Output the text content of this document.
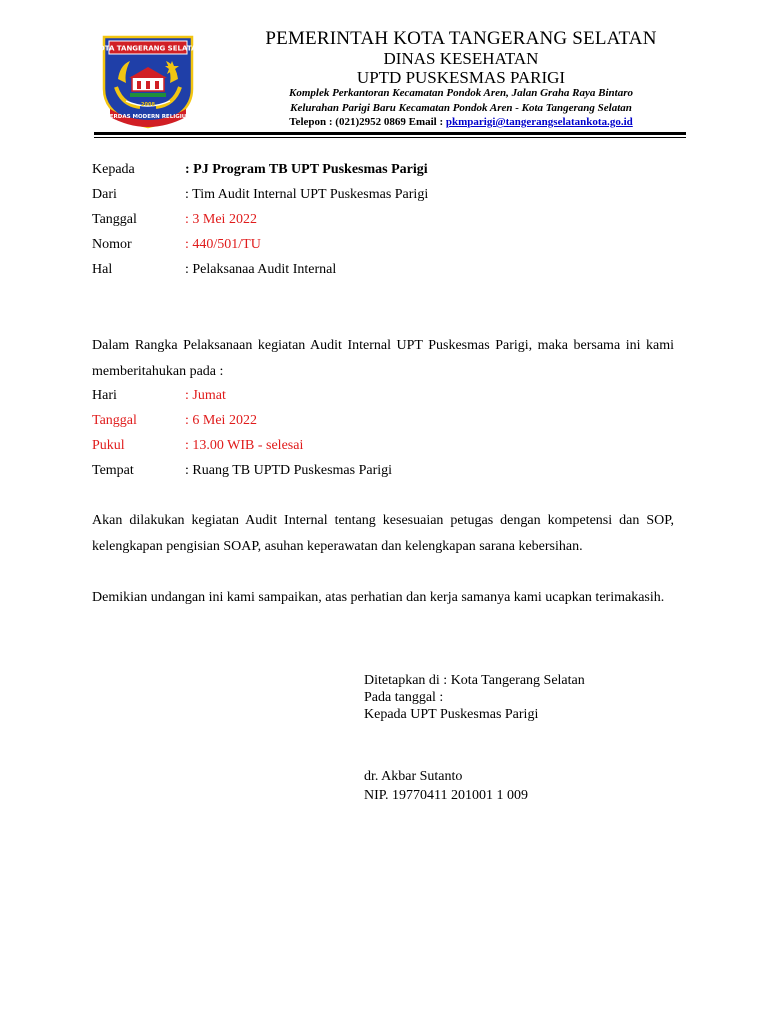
KOTA TANGERANG SELATAN
2008
CERDAS MODERN RELIGIUS
PEMERINTAH KOTA TANGERANG SELATAN
DINAS KESEHATAN
UPTD PUSKESMAS PARIGI
Komplek Perkantoran Kecamatan Pondok Aren, Jalan Graha Raya Bintaro
Kelurahan Parigi Baru Kecamatan Pondok Aren - Kota Tangerang Selatan
Telepon : (021)2952 0869 Email : pkmparigi@tangerangselatankota.go.id
Kepada	: PJ Program TB UPT Puskesmas Parigi
Dari	: Tim Audit Internal UPT Puskesmas Parigi
Tanggal	: 3 Mei 2022
Nomor	: 440/501/TU
Hal	: Pelaksanaa Audit Internal
Dalam Rangka Pelaksanaan kegiatan Audit Internal UPT Puskesmas Parigi, maka bersama ini kami memberitahukan pada :
Hari	: Jumat
Tanggal	: 6 Mei 2022
Pukul	: 13.00 WIB - selesai
Tempat	: Ruang TB UPTD Puskesmas Parigi
Akan dilakukan kegiatan Audit Internal tentang kesesuaian petugas dengan kompetensi dan SOP, kelengkapan pengisian SOAP, asuhan keperawatan dan kelengkapan sarana kebersihan.
Demikian undangan ini kami sampaikan, atas perhatian dan kerja samanya kami ucapkan terimakasih.
Ditetapkan di : Kota Tangerang Selatan
Pada tanggal :
Kepada UPT Puskesmas Parigi
dr. Akbar Sutanto
NIP. 19770411 201001 1 009
